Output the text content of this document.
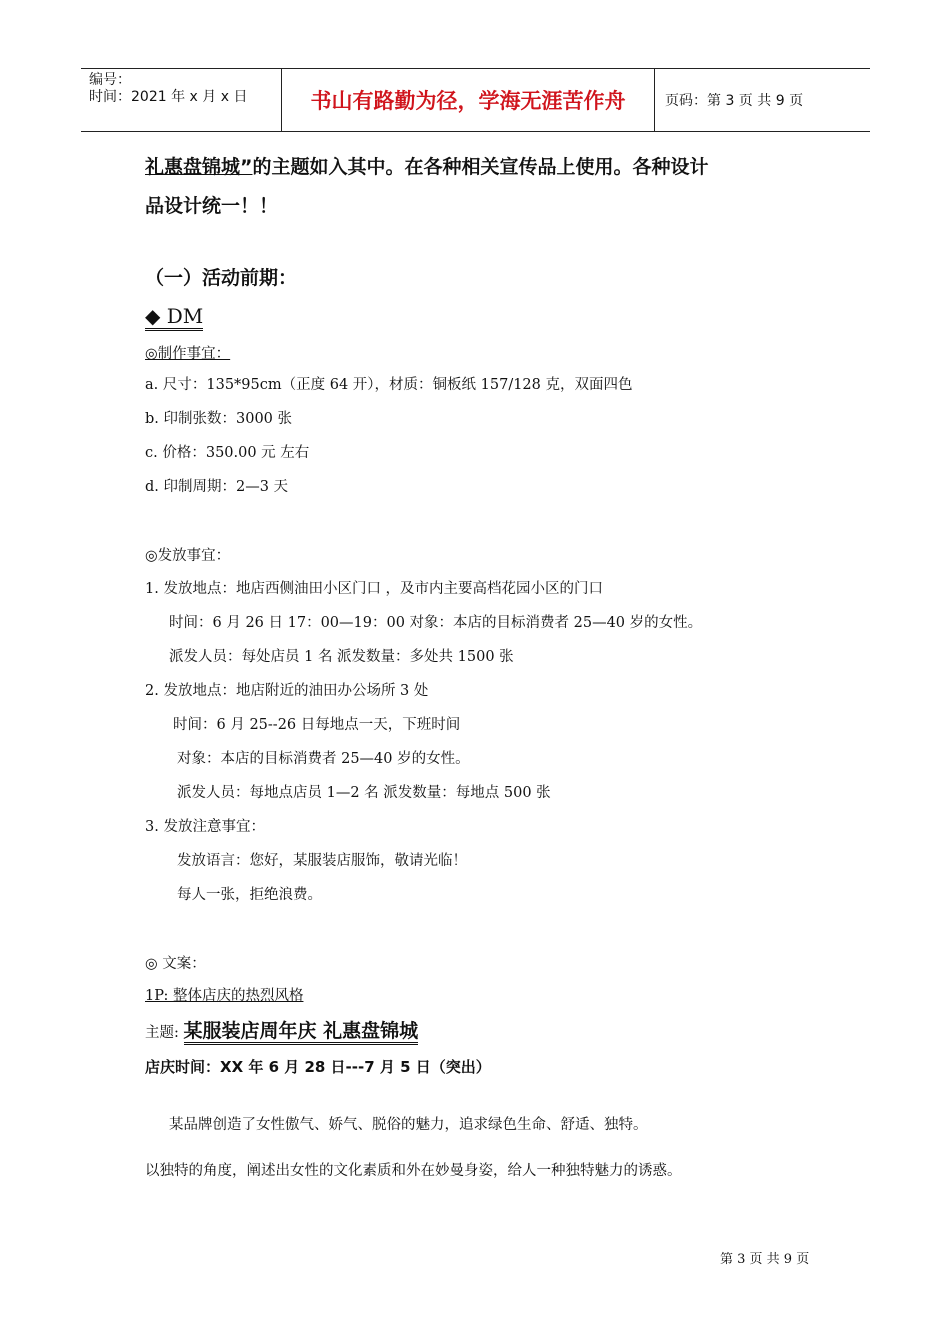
编号：
时间：2021 年 x 月 x 日	书山有路勤为径，学海无涯苦作舟	页码：第 3 页 共 9 页
礼惠盘锦城”的主题如入其中。在各种相关宣传品上使用。各种设计
品设计统一！！
（一）活动前期：
◆ DM
◎制作事宜：
a. 尺寸：135*95cm（正度 64 开），材质：铜板纸 157/128 克，双面四色
b. 印制张数：3000 张
c. 价格：350.00 元 左右
d. 印制周期：2—3 天
◎发放事宜：
1. 发放地点：地店西侧油田小区门口 ，及市内主要高档花园小区的门口
时间：6 月 26 日 17：00—19：00 对象：本店的目标消费者 25—40 岁的女性。
派发人员：每处店员 1 名 派发数量：多处共 1500 张
2. 发放地点：地店附近的油田办公场所 3 处
时间：6 月 25--26 日每地点一天，下班时间
对象：本店的目标消费者 25—40 岁的女性。
派发人员：每地点店员 1—2 名 派发数量：每地点 500 张
3. 发放注意事宜：
发放语言：您好，某服装店服饰，敬请光临！
每人一张，拒绝浪费。
◎ 文案：
1P: 整体店庆的热烈风格
主题: 某服装店周年庆 礼惠盘锦城
店庆时间：XX 年 6 月 28 日---7 月 5 日（突出）
某品牌创造了女性傲气、娇气、脱俗的魅力，追求绿色生命、舒适、独特。
以独特的角度，阐述出女性的文化素质和外在妙曼身姿，给人一种独特魅力的诱惑。
第 3 页 共 9 页
